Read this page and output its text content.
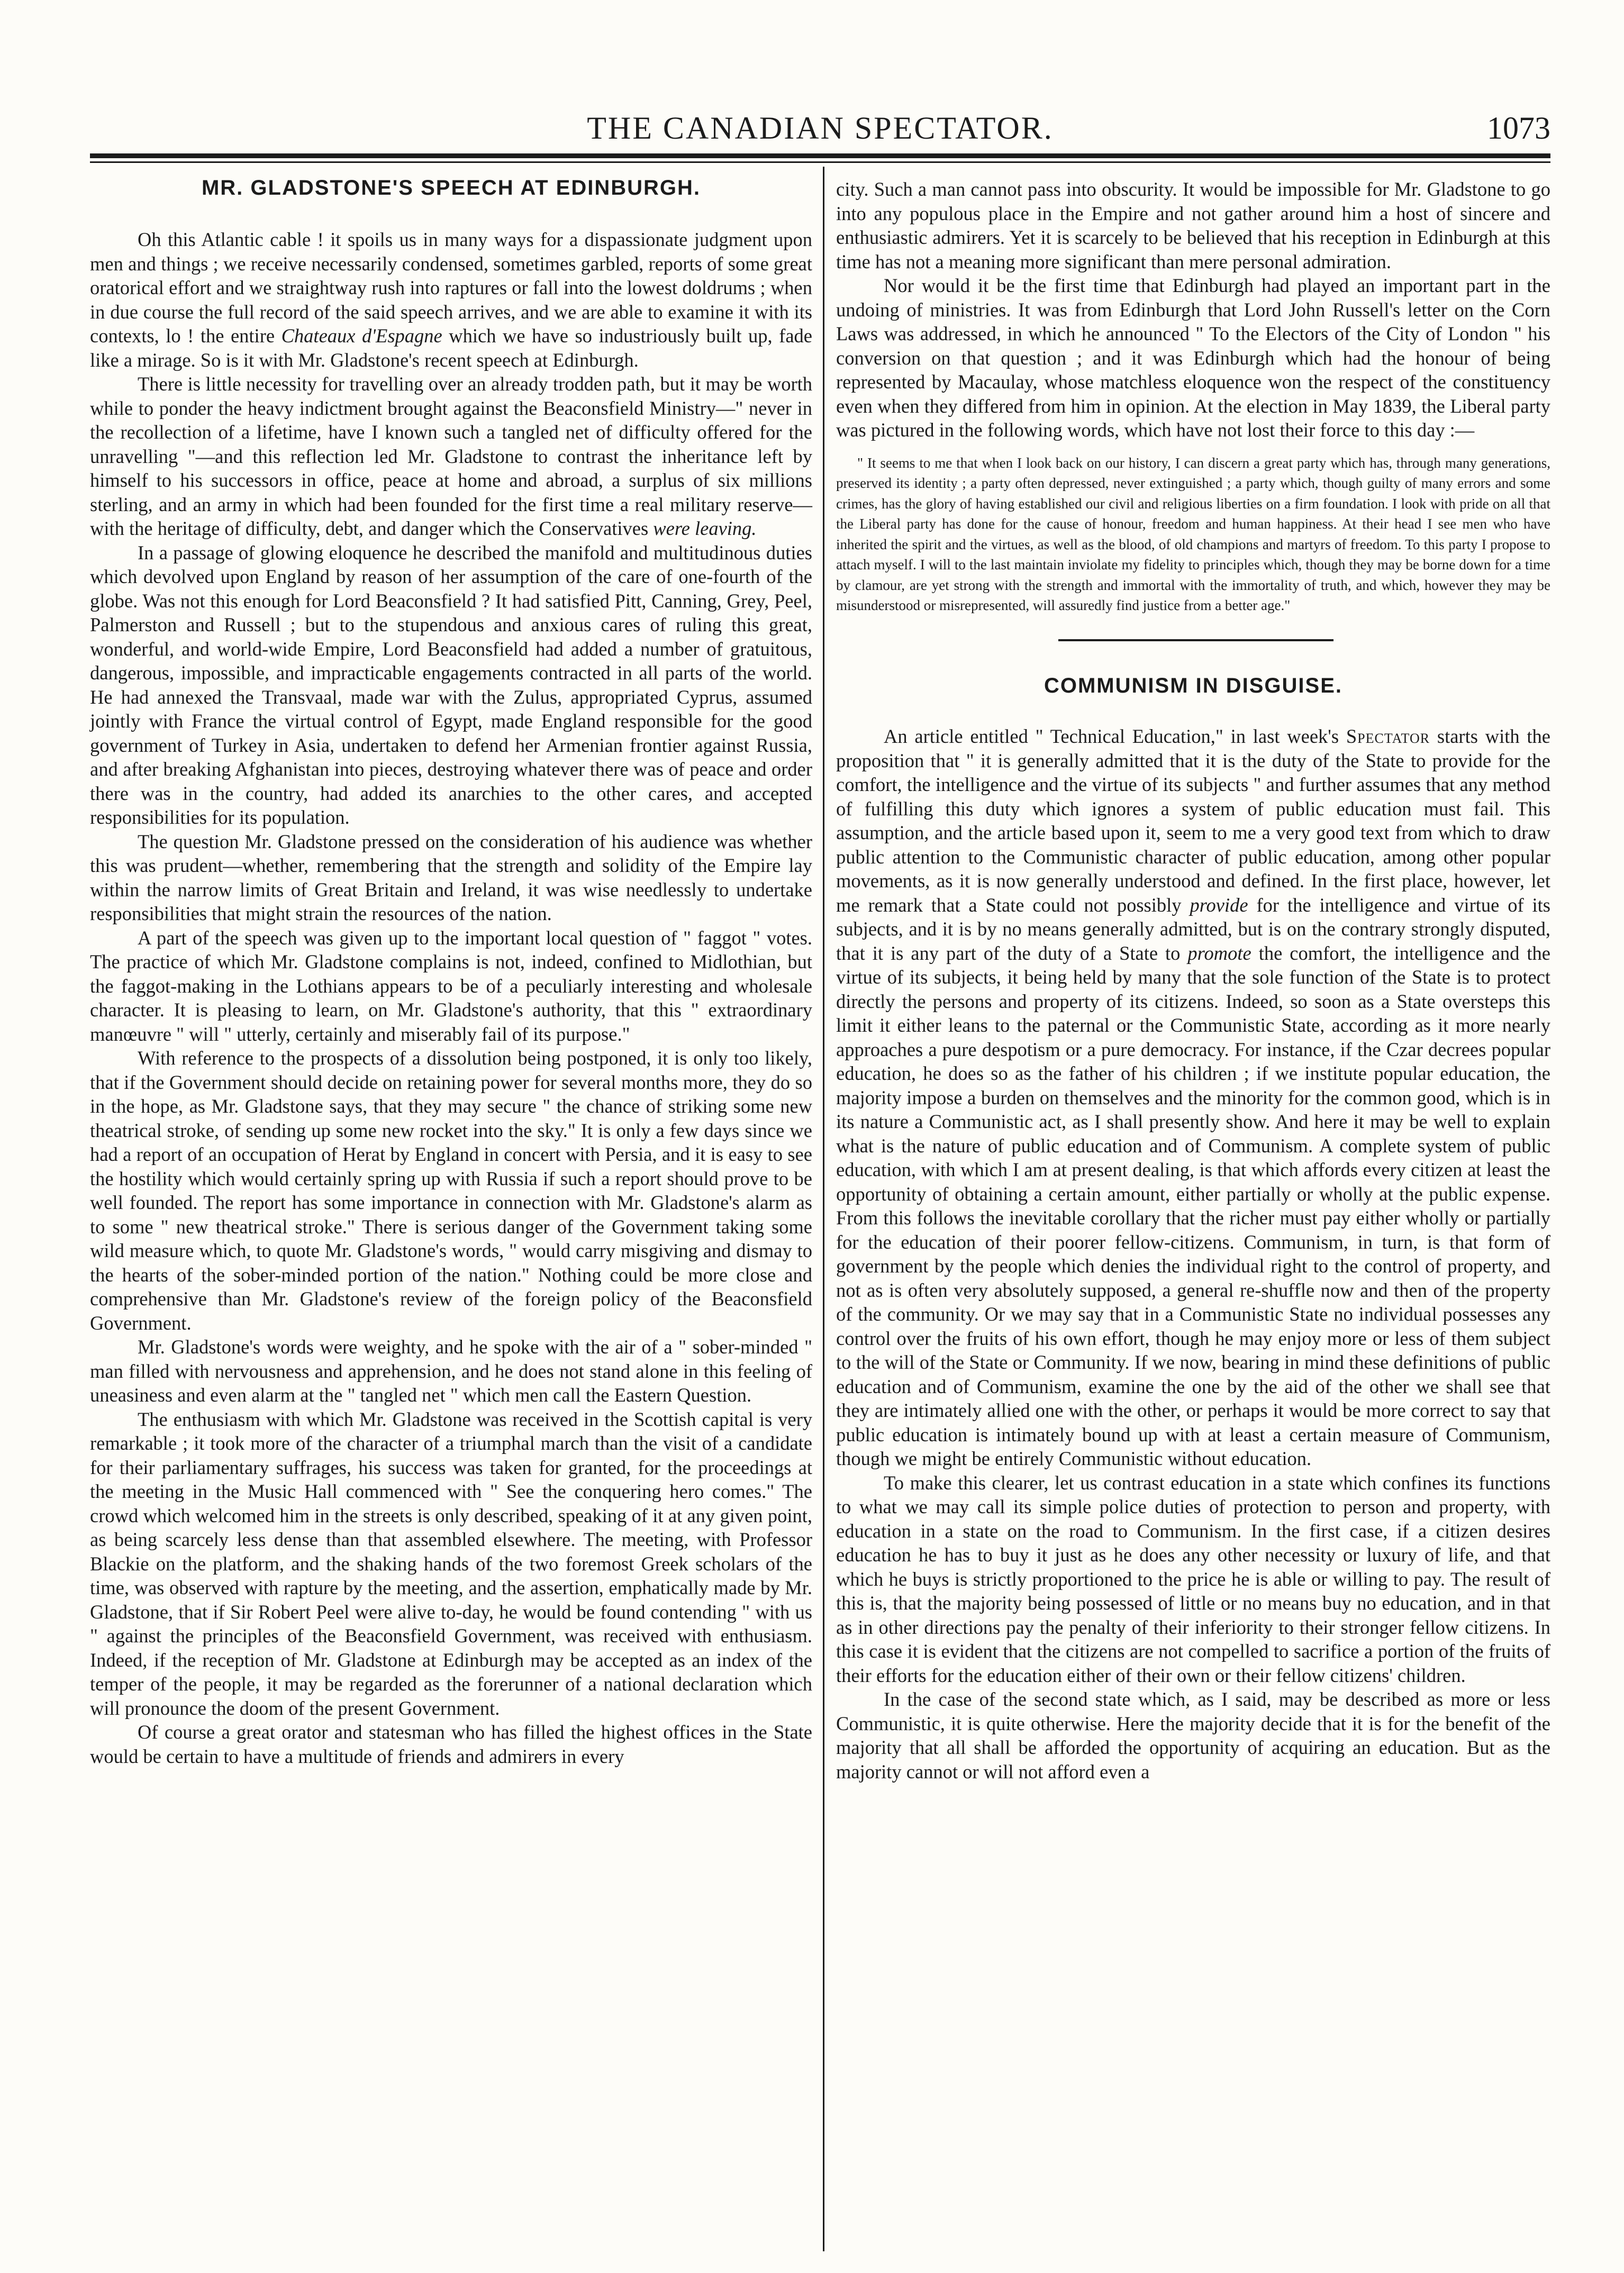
THE CANADIAN SPECTATOR.	1073
MR. GLADSTONE'S SPEECH AT EDINBURGH.

Oh this Atlantic cable ! it spoils us in many ways for a dispassionate judgment upon men and things ; we receive necessarily condensed, sometimes garbled, reports of some great oratorical effort and we straightway rush into raptures or fall into the lowest doldrums ; when in due course the full record of the said speech arrives, and we are able to examine it with its contexts, lo ! the entire Chateaux d'Espagne which we have so industriously built up, fade like a mirage. So is it with Mr. Gladstone's recent speech at Edinburgh.

There is little necessity for travelling over an already trodden path, but it may be worth while to ponder the heavy indictment brought against the Beaconsfield Ministry—" never in the recollection of a lifetime, have I known such a tangled net of difficulty offered for the unravelling "—and this reflection led Mr. Gladstone to contrast the inheritance left by himself to his successors in office, peace at home and abroad, a surplus of six millions sterling, and an army in which had been founded for the first time a real military reserve—with the heritage of difficulty, debt, and danger which the Conservatives were leaving.

In a passage of glowing eloquence he described the manifold and multitudinous duties which devolved upon England by reason of her assumption of the care of one-fourth of the globe. Was not this enough for Lord Beaconsfield ? It had satisfied Pitt, Canning, Grey, Peel, Palmerston and Russell ; but to the stupendous and anxious cares of ruling this great, wonderful, and world-wide Empire, Lord Beaconsfield had added a number of gratuitous, dangerous, impossible, and impracticable engagements contracted in all parts of the world. He had annexed the Transvaal, made war with the Zulus, appropriated Cyprus, assumed jointly with France the virtual control of Egypt, made England responsible for the good government of Turkey in Asia, undertaken to defend her Armenian frontier against Russia, and after breaking Afghanistan into pieces, destroying whatever there was of peace and order there was in the country, had added its anarchies to the other cares, and accepted responsibilities for its population.

The question Mr. Gladstone pressed on the consideration of his audience was whether this was prudent—whether, remembering that the strength and solidity of the Empire lay within the narrow limits of Great Britain and Ireland, it was wise needlessly to undertake responsibilities that might strain the resources of the nation.

A part of the speech was given up to the important local question of " faggot " votes. The practice of which Mr. Gladstone complains is not, indeed, confined to Midlothian, but the faggot-making in the Lothians appears to be of a peculiarly interesting and wholesale character. It is pleasing to learn, on Mr. Gladstone's authority, that this " extraordinary manœuvre " will " utterly, certainly and miserably fail of its purpose."

With reference to the prospects of a dissolution being postponed, it is only too likely, that if the Government should decide on retaining power for several months more, they do so in the hope, as Mr. Gladstone says, that they may secure " the chance of striking some new theatrical stroke, of sending up some new rocket into the sky." It is only a few days since we had a report of an occupation of Herat by England in concert with Persia, and it is easy to see the hostility which would certainly spring up with Russia if such a report should prove to be well founded. The report has some importance in connection with Mr. Gladstone's alarm as to some " new theatrical stroke." There is serious danger of the Government taking some wild measure which, to quote Mr. Gladstone's words, " would carry misgiving and dismay to the hearts of the sober-minded portion of the nation." Nothing could be more close and comprehensive than Mr. Gladstone's review of the foreign policy of the Beaconsfield Government.

Mr. Gladstone's words were weighty, and he spoke with the air of a " sober-minded " man filled with nervousness and apprehension, and he does not stand alone in this feeling of uneasiness and even alarm at the " tangled net " which men call the Eastern Question.

The enthusiasm with which Mr. Gladstone was received in the Scottish capital is very remarkable ; it took more of the character of a triumphal march than the visit of a candidate for their parliamentary suffrages, his success was taken for granted, for the proceedings at the meeting in the Music Hall commenced with " See the conquering hero comes." The crowd which welcomed him in the streets is only described, speaking of it at any given point, as being scarcely less dense than that assembled elsewhere. The meeting, with Professor Blackie on the platform, and the shaking hands of the two foremost Greek scholars of the time, was observed with rapture by the meeting, and the assertion, emphatically made by Mr. Gladstone, that if Sir Robert Peel were alive to-day, he would be found contending " with us " against the principles of the Beaconsfield Government, was received with enthusiasm. Indeed, if the reception of Mr. Gladstone at Edinburgh may be accepted as an index of the temper of the people, it may be regarded as the forerunner of a national declaration which will pronounce the doom of the present Government.

Of course a great orator and statesman who has filled the highest offices in the State would be certain to have a multitude of friends and admirers in every

city. Such a man cannot pass into obscurity. It would be impossible for Mr. Gladstone to go into any populous place in the Empire and not gather around him a host of sincere and enthusiastic admirers. Yet it is scarcely to be believed that his reception in Edinburgh at this time has not a meaning more significant than mere personal admiration.

Nor would it be the first time that Edinburgh had played an important part in the undoing of ministries. It was from Edinburgh that Lord John Russell's letter on the Corn Laws was addressed, in which he announced " To the Electors of the City of London " his conversion on that question ; and it was Edinburgh which had the honour of being represented by Macaulay, whose matchless eloquence won the respect of the constituency even when they differed from him in opinion. At the election in May 1839, the Liberal party was pictured in the following words, which have not lost their force to this day :—

" It seems to me that when I look back on our history, I can discern a great party which has, through many generations, preserved its identity ; a party often depressed, never extinguished ; a party which, though guilty of many errors and some crimes, has the glory of having established our civil and religious liberties on a firm foundation. I look with pride on all that the Liberal party has done for the cause of honour, freedom and human happiness. At their head I see men who have inherited the spirit and the virtues, as well as the blood, of old champions and martyrs of freedom. To this party I propose to attach myself. I will to the last maintain inviolate my fidelity to principles which, though they may be borne down for a time by clamour, are yet strong with the strength and immortal with the immortality of truth, and which, however they may be misunderstood or misrepresented, will assuredly find justice from a better age."

COMMUNISM IN DISGUISE.

An article entitled " Technical Education," in last week's Spectator starts with the proposition that " it is generally admitted that it is the duty of the State to provide for the comfort, the intelligence and the virtue of its subjects " and further assumes that any method of fulfilling this duty which ignores a system of public education must fail. This assumption, and the article based upon it, seem to me a very good text from which to draw public attention to the Communistic character of public education, among other popular movements, as it is now generally understood and defined. In the first place, however, let me remark that a State could not possibly provide for the intelligence and virtue of its subjects, and it is by no means generally admitted, but is on the contrary strongly disputed, that it is any part of the duty of a State to promote the comfort, the intelligence and the virtue of its subjects, it being held by many that the sole function of the State is to protect directly the persons and property of its citizens. Indeed, so soon as a State oversteps this limit it either leans to the paternal or the Communistic State, according as it more nearly approaches a pure despotism or a pure democracy. For instance, if the Czar decrees popular education, he does so as the father of his children ; if we institute popular education, the majority impose a burden on themselves and the minority for the common good, which is in its nature a Communistic act, as I shall presently show. And here it may be well to explain what is the nature of public education and of Communism. A complete system of public education, with which I am at present dealing, is that which affords every citizen at least the opportunity of obtaining a certain amount, either partially or wholly at the public expense. From this follows the inevitable corollary that the richer must pay either wholly or partially for the education of their poorer fellow-citizens. Communism, in turn, is that form of government by the people which denies the individual right to the control of property, and not as is often very absolutely supposed, a general re-shuffle now and then of the property of the community. Or we may say that in a Communistic State no individual possesses any control over the fruits of his own effort, though he may enjoy more or less of them subject to the will of the State or Community. If we now, bearing in mind these definitions of public education and of Communism, examine the one by the aid of the other we shall see that they are intimately allied one with the other, or perhaps it would be more correct to say that public education is intimately bound up with at least a certain measure of Communism, though we might be entirely Communistic without education.

To make this clearer, let us contrast education in a state which confines its functions to what we may call its simple police duties of protection to person and property, with education in a state on the road to Communism. In the first case, if a citizen desires education he has to buy it just as he does any other necessity or luxury of life, and that which he buys is strictly proportioned to the price he is able or willing to pay. The result of this is, that the majority being possessed of little or no means buy no education, and in that as in other directions pay the penalty of their inferiority to their stronger fellow citizens. In this case it is evident that the citizens are not compelled to sacrifice a portion of the fruits of their efforts for the education either of their own or their fellow citizens' children.

In the case of the second state which, as I said, may be described as more or less Communistic, it is quite otherwise. Here the majority decide that it is for the benefit of the majority that all shall be afforded the opportunity of acquiring an education. But as the majority cannot or will not afford even a
